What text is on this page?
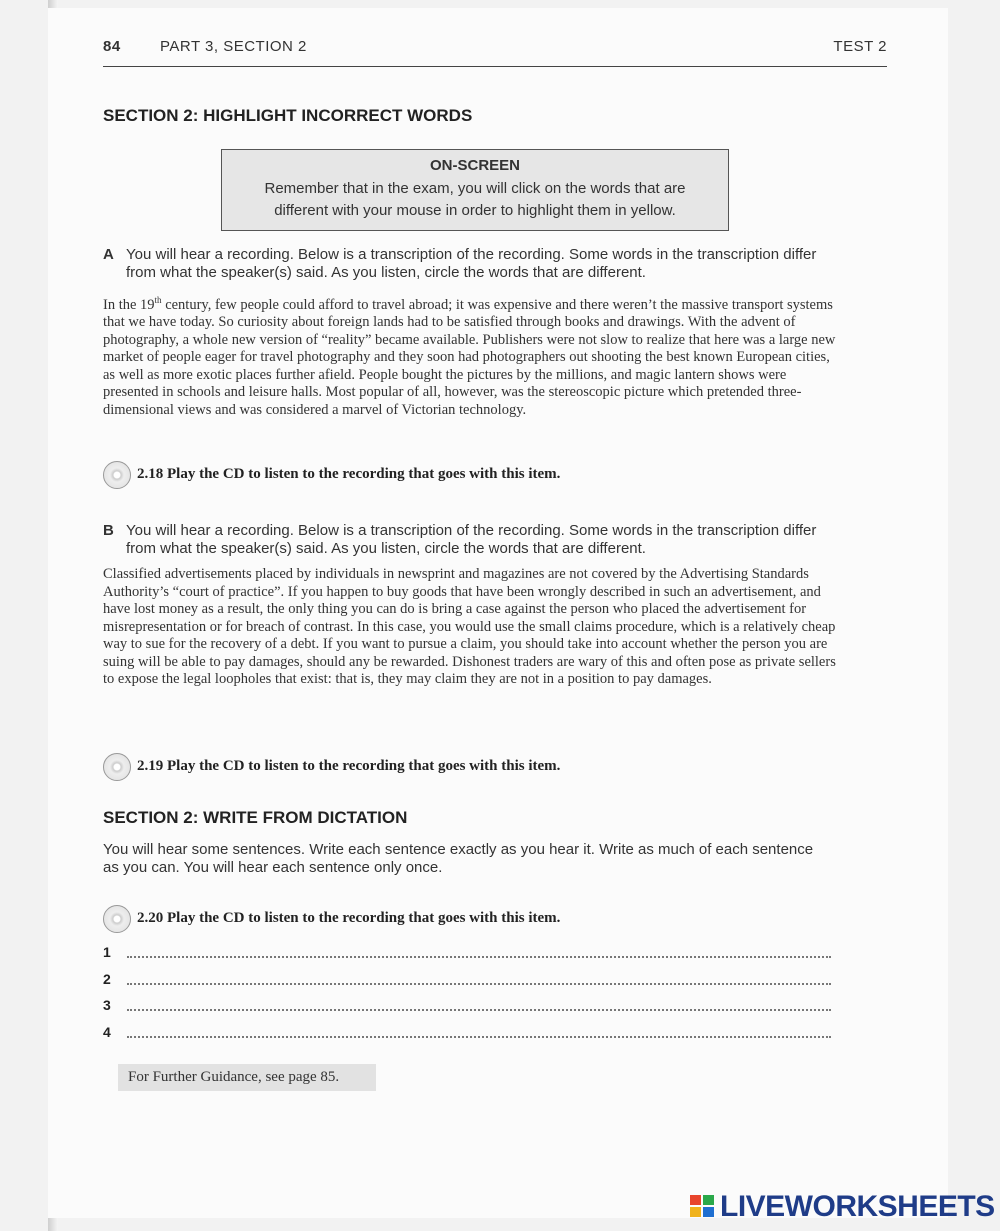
84	PART 3, SECTION 2	TEST 2
SECTION 2: HIGHLIGHT INCORRECT WORDS
ON-SCREEN
Remember that in the exam, you will click on the words that are
different with your mouse in order to highlight them in yellow.
A You will hear a recording. Below is a transcription of the recording. Some words in the transcription differ from what the speaker(s) said. As you listen, circle the words that are different.
In the 19th century, few people could afford to travel abroad; it was expensive and there weren’t the massive transport systems that we have today. So curiosity about foreign lands had to be satisfied through books and drawings. With the advent of photography, a whole new version of “reality” became available. Publishers were not slow to realize that here was a large new market of people eager for travel photography and they soon had photographers out shooting the best known European cities, as well as more exotic places further afield. People bought the pictures by the millions, and magic lantern shows were presented in schools and leisure halls. Most popular of all, however, was the stereoscopic picture which pretended three-dimensional views and was considered a marvel of Victorian technology.
2.18 Play the CD to listen to the recording that goes with this item.
B You will hear a recording. Below is a transcription of the recording. Some words in the transcription differ from what the speaker(s) said. As you listen, circle the words that are different.
Classified advertisements placed by individuals in newsprint and magazines are not covered by the Advertising Standards Authority’s “court of practice”. If you happen to buy goods that have been wrongly described in such an advertisement, and have lost money as a result, the only thing you can do is bring a case against the person who placed the advertisement for misrepresentation or for breach of contrast. In this case, you would use the small claims procedure, which is a relatively cheap way to sue for the recovery of a debt. If you want to pursue a claim, you should take into account whether the person you are suing will be able to pay damages, should any be rewarded. Dishonest traders are wary of this and often pose as private sellers to expose the legal loopholes that exist: that is, they may claim they are not in a position to pay damages.
2.19 Play the CD to listen to the recording that goes with this item.
SECTION 2: WRITE FROM DICTATION
You will hear some sentences. Write each sentence exactly as you hear it. Write as much of each sentence as you can. You will hear each sentence only once.
2.20 Play the CD to listen to the recording that goes with this item.
1
2
3
4
For Further Guidance, see page 85.
LIVEWORKSHEETS
